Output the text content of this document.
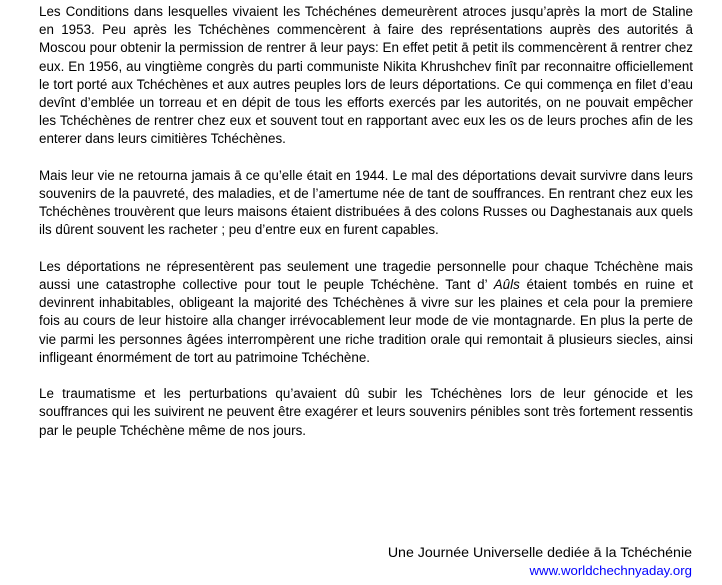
Les Conditions dans lesquelles vivaient les Tchéchénes demeurèrent atroces jusqu’après la mort de Staline en 1953. Peu après les Tchéchènes commencèrent à faire des représentations auprès des autorités ā Moscou pour obtenir la permission de rentrer ā leur pays: En effet petit ā petit ils commencèrent ā rentrer chez eux. En 1956, au vingtième congrès du parti communiste Nikita Khrushchev finît par reconnaitre officiellement le tort porté aux Tchéchènes et aux autres peuples lors de leurs déportations. Ce qui commença en filet d’eau devînt d’emblée un torreau et en dépit de tous les efforts exercés par les autorités, on ne pouvait empêcher les Tchéchènes de rentrer chez eux et souvent tout en rapportant avec eux les os de leurs proches afin de les enterer dans leurs cimitières Tchéchènes.

Mais leur vie ne retourna jamais ā ce qu’elle était en 1944. Le mal des déportations devait survivre dans leurs souvenirs de la pauvreté, des maladies, et de l’amertume née de tant de souffrances. En rentrant chez eux les Tchéchènes trouvèrent que leurs maisons étaient distribuées ā des colons Russes ou Daghestanais aux quels ils dûrent souvent les racheter ; peu d’entre eux en furent capables.

Les déportations ne répresentèrent pas seulement une tragedie personnelle pour chaque Tchéchène mais aussi une catastrophe collective pour tout le peuple Tchéchène. Tant d’ Aûls étaient tombés en ruine et devinrent inhabitables, obligeant la majorité des Tchéchènes ā vivre sur les plaines et cela pour la premiere fois au cours de leur histoire alla changer irrévocablement leur mode de vie montagnarde. En plus la perte de vie parmi les personnes âgées interrompèrent une riche tradition orale qui remontait ā plusieurs siecles, ainsi infligeant énormément de tort au patrimoine Tchéchène.

Le traumatisme et les perturbations qu’avaient dû subir les Tchéchènes lors de leur génocide et les souffrances qui les suivirent ne peuvent être exagérer et leurs souvenirs pénibles sont très fortement ressentis par le peuple Tchéchène même de nos jours.

Une Journée Universelle dediée ā la Tchéchénie
www.worldchechnyaday.org
